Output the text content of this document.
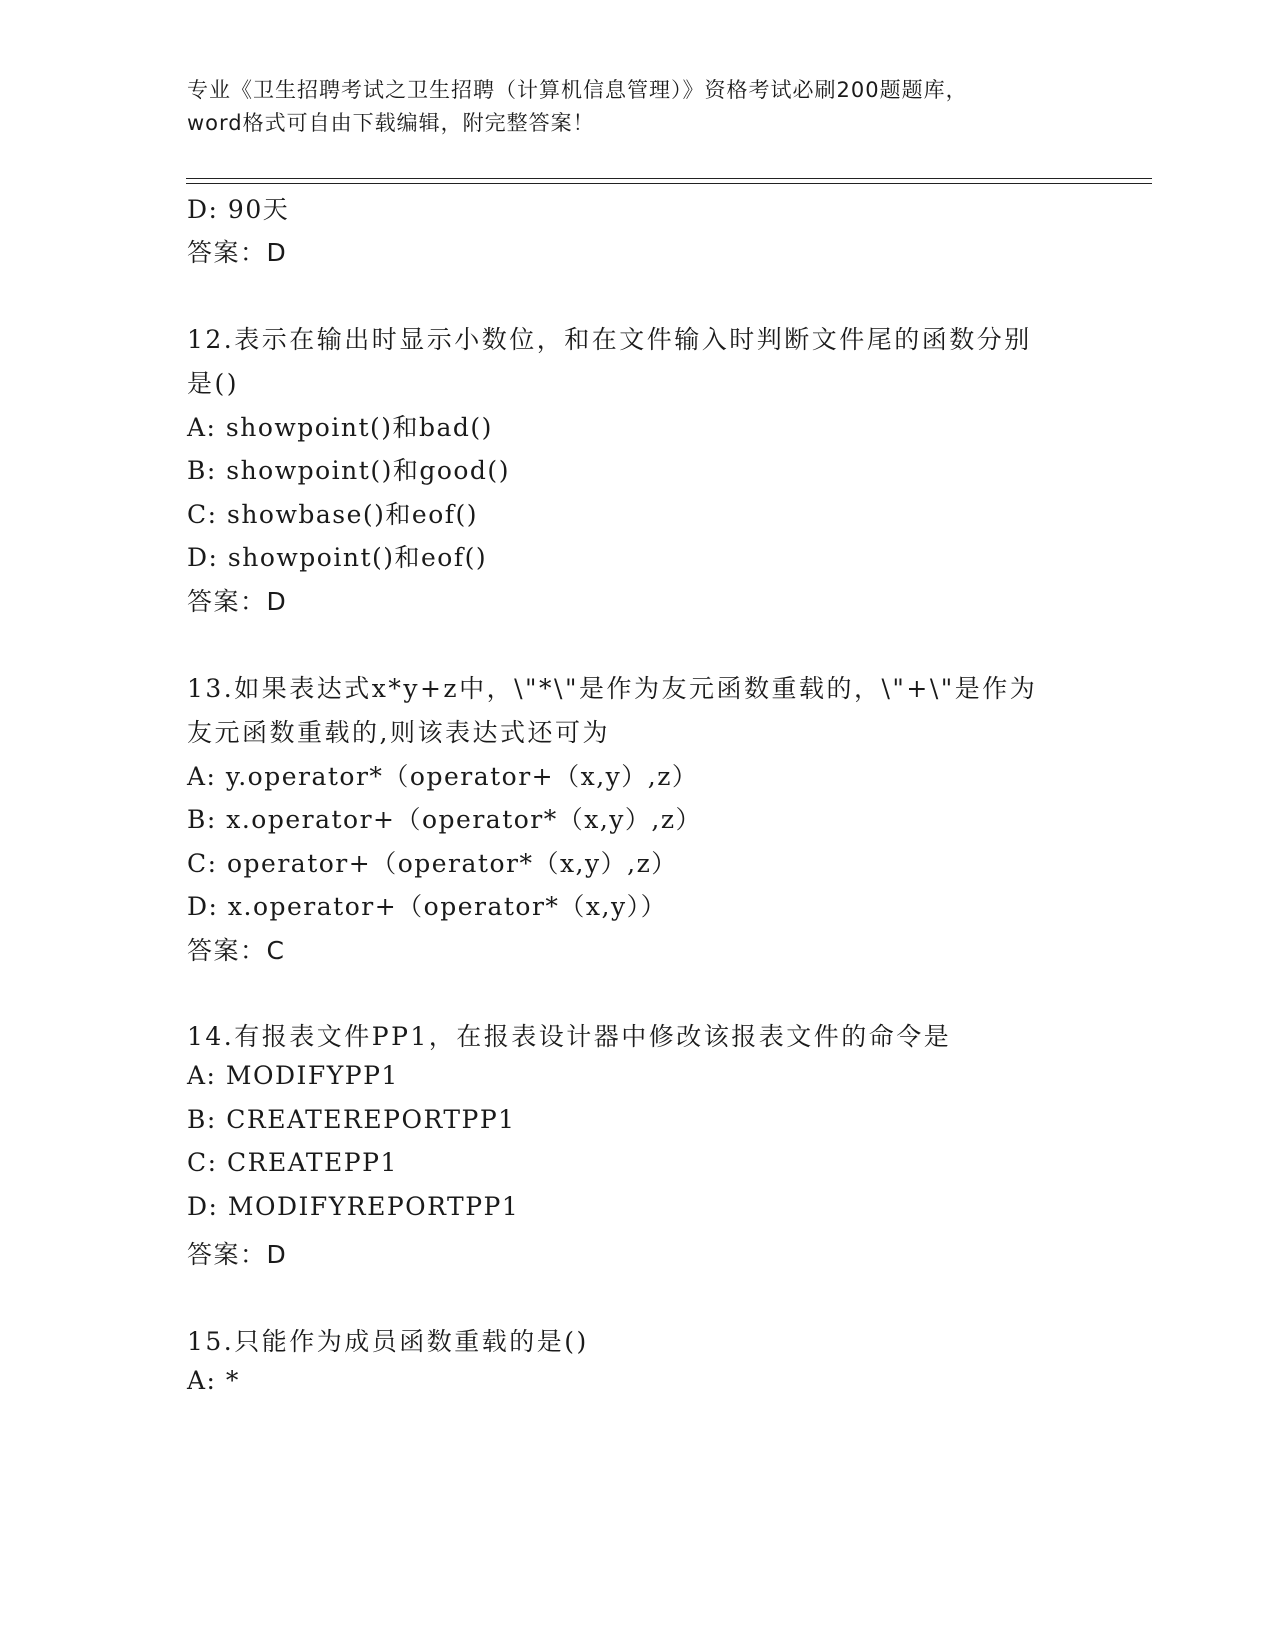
专业《卫生招聘考试之卫生招聘（计算机信息管理）》资格考试必刷200题题库，
word格式可自由下载编辑，附完整答案！
D: 90天
答案：D
12.表示在输出时显示小数位，和在文件输入时判断文件尾的函数分别
是()
A: showpoint()和bad()
B: showpoint()和good()
C: showbase()和eof()
D: showpoint()和eof()
答案：D
13.如果表达式x*y+z中，\"*\"是作为友元函数重载的，\"+\"是作为
友元函数重载的,则该表达式还可为
A: y.operator*（operator+（x,y）,z）
B: x.operator+（operator*（x,y）,z）
C: operator+（operator*（x,y）,z）
D: x.operator+（operator*（x,y））
答案：C
14.有报表文件PP1，在报表设计器中修改该报表文件的命令是
A: MODIFYPP1
B: CREATEREPORTPP1
C: CREATEPP1
D: MODIFYREPORTPP1
答案：D
15.只能作为成员函数重载的是()
A: *
